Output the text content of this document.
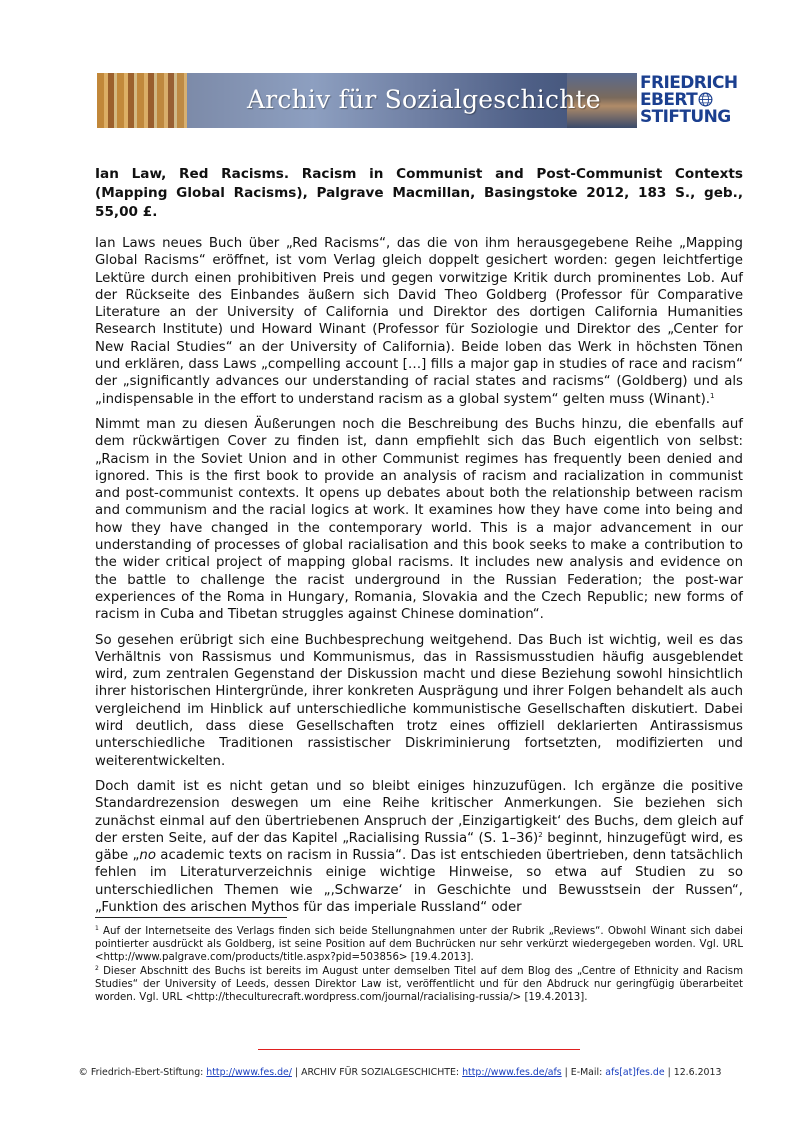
Archiv für Sozialgeschichte
FRIEDRICH
EBERT
STIFTUNG
Ian Law, Red Racisms. Racism in Communist and Post-Communist Contexts (Mapping Global Racisms), Palgrave Macmillan, Basingstoke 2012, 183 S., geb., 55,00 £.

Ian Laws neues Buch über „Red Racisms“, das die von ihm herausgegebene Reihe „Mapping Global Racisms“ eröffnet, ist vom Verlag gleich doppelt gesichert worden: gegen leichtfertige Lektüre durch einen prohibitiven Preis und gegen vorwitzige Kritik durch prominentes Lob. Auf der Rückseite des Einbandes äußern sich David Theo Goldberg (Professor für Comparative Literature an der University of California und Direktor des dortigen California Humanities Research Institute) und Howard Winant (Professor für Soziologie und Direktor des „Center for New Racial Studies“ an der University of California). Beide loben das Werk in höchsten Tönen und erklären, dass Laws „compelling account […] fills a major gap in studies of race and racism“ der „significantly advances our understanding of racial states and racisms“ (Goldberg) und als „indispensable in the effort to understand racism as a global system“ gelten muss (Winant).$^1$

Nimmt man zu diesen Äußerungen noch die Beschreibung des Buchs hinzu, die ebenfalls auf dem rückwärtigen Cover zu finden ist, dann empfiehlt sich das Buch eigentlich von selbst: „Racism in the Soviet Union and in other Communist regimes has frequently been denied and ignored. This is the first book to provide an analysis of racism and racialization in communist and post-communist contexts. It opens up debates about both the relationship between racism and communism and the racial logics at work. It examines how they have come into being and how they have changed in the contemporary world. This is a major advancement in our understanding of processes of global racialisation and this book seeks to make a contribution to the wider critical project of mapping global racisms. It includes new analysis and evidence on the battle to challenge the racist underground in the Russian Federation; the post-war experiences of the Roma in Hungary, Romania, Slovakia and the Czech Republic; new forms of racism in Cuba and Tibetan struggles against Chinese domination“.

So gesehen erübrigt sich eine Buchbesprechung weitgehend. Das Buch ist wichtig, weil es das Verhältnis von Rassismus und Kommunismus, das in Rassismusstudien häufig ausgeblendet wird, zum zentralen Gegenstand der Diskussion macht und diese Beziehung sowohl hinsichtlich ihrer historischen Hintergründe, ihrer konkreten Ausprägung und ihrer Folgen behandelt als auch vergleichend im Hinblick auf unterschiedliche kommunistische Gesellschaften diskutiert. Dabei wird deutlich, dass diese Gesellschaften trotz eines offiziell deklarierten Antirassismus unterschiedliche Traditionen rassistischer Diskriminierung fortsetzten, modifizierten und weiterentwickelten.

Doch damit ist es nicht getan und so bleibt einiges hinzuzufügen. Ich ergänze die positive Standardrezension deswegen um eine Reihe kritischer Anmerkungen. Sie beziehen sich zunächst einmal auf den übertriebenen Anspruch der ‚Einzigartigkeit‘ des Buchs, dem gleich auf der ersten Seite, auf der das Kapitel „Racialising Russia“ (S. 1–36)$^2$ beginnt, hinzugefügt wird, es gäbe „no academic texts on racism in Russia“. Das ist entschieden übertrieben, denn tatsächlich fehlen im Literaturverzeichnis einige wichtige Hinweise, so etwa auf Studien zu so unterschiedlichen Themen wie „‚Schwarze‘ in Geschichte und Bewusstsein der Russen“, „Funktion des arischen Mythos für das imperiale Russland“ oder

$^1$ Auf der Internetseite des Verlags finden sich beide Stellungnahmen unter der Rubrik „Reviews“. Obwohl Winant sich dabei pointierter ausdrückt als Goldberg, ist seine Position auf dem Buchrücken nur sehr verkürzt wiedergegeben worden. Vgl. URL <http://www.palgrave.com/products/title.aspx?pid=503856> [19.4.2013].

$^2$ Dieser Abschnitt des Buchs ist bereits im August unter demselben Titel auf dem Blog des „Centre of Ethnicity and Racism Studies“ der University of Leeds, dessen Direktor Law ist, veröffentlicht und für den Abdruck nur geringfügig überarbeitet worden. Vgl. URL <http://theculturecraft.wordpress.com/journal/racialising-russia/> [19.4.2013].

© Friedrich-Ebert-Stiftung: http://www.fes.de/ | ARCHIV FÜR SOZIALGESCHICHTE: http://www.fes.de/afs | E-Mail: afs[at]fes.de | 12.6.2013
